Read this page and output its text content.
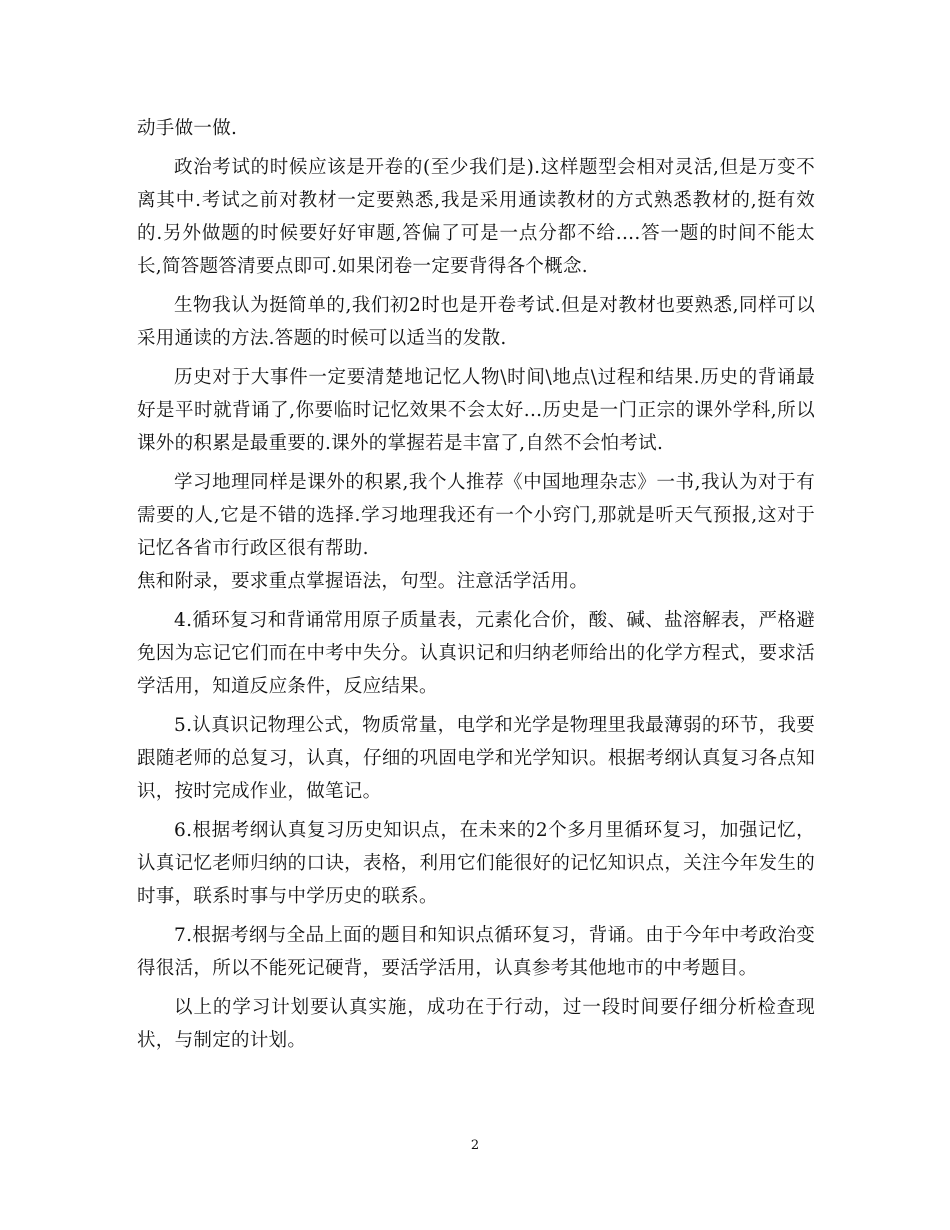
动手做一做.

政治考试的时候应该是开卷的(至少我们是).这样题型会相对灵活,但是万变不离其中.考试之前对教材一定要熟悉,我是采用通读教材的方式熟悉教材的,挺有效的.另外做题的时候要好好审题,答偏了可是一点分都不给....答一题的时间不能太长,简答题答清要点即可.如果闭卷一定要背得各个概念.

生物我认为挺简单的,我们初2时也是开卷考试.但是对教材也要熟悉,同样可以采用通读的方法.答题的时候可以适当的发散.

历史对于大事件一定要清楚地记忆人物\时间\地点\过程和结果.历史的背诵最好是平时就背诵了,你要临时记忆效果不会太好...历史是一门正宗的课外学科,所以课外的积累是最重要的.课外的掌握若是丰富了,自然不会怕考试.

学习地理同样是课外的积累,我个人推荐《中国地理杂志》一书,我认为对于有需要的人,它是不错的选择.学习地理我还有一个小窍门,那就是听天气预报,这对于记忆各省市行政区很有帮助.

焦和附录，要求重点掌握语法，句型。注意活学活用。

4.循环复习和背诵常用原子质量表，元素化合价，酸、碱、盐溶解表，严格避免因为忘记它们而在中考中失分。认真识记和归纳老师给出的化学方程式，要求活学活用，知道反应条件，反应结果。

5.认真识记物理公式，物质常量，电学和光学是物理里我最薄弱的环节，我要跟随老师的总复习，认真，仔细的巩固电学和光学知识。根据考纲认真复习各点知识，按时完成作业，做笔记。

6.根据考纲认真复习历史知识点，在未来的2个多月里循环复习，加强记忆，认真记忆老师归纳的口诀，表格，利用它们能很好的记忆知识点，关注今年发生的时事，联系时事与中学历史的联系。

7.根据考纲与全品上面的题目和知识点循环复习，背诵。由于今年中考政治变得很活，所以不能死记硬背，要活学活用，认真参考其他地市的中考题目。

以上的学习计划要认真实施，成功在于行动，过一段时间要仔细分析检查现状，与制定的计划。

2
